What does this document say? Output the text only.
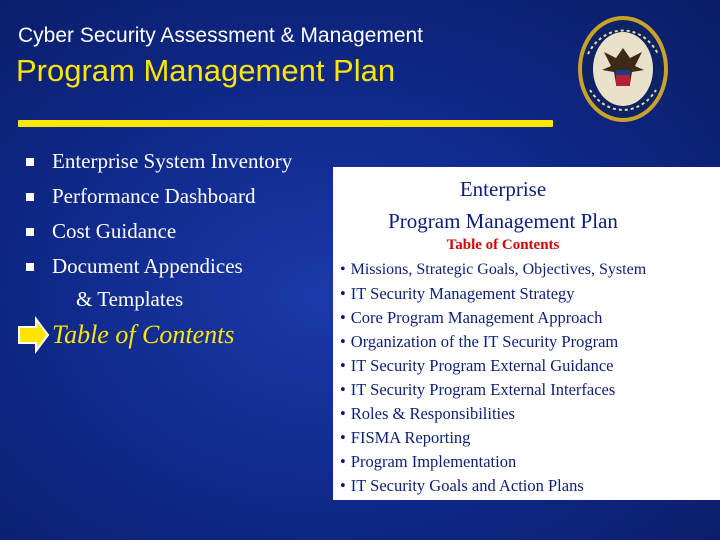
Cyber Security Assessment & Management
Program Management Plan
Enterprise System Inventory
Performance Dashboard
Cost Guidance
Document Appendices
& Templates
Table of Contents
Enterprise
Program Management Plan
Table of Contents
• Missions, Strategic Goals, Objectives, System
• IT Security Management Strategy
• Core Program Management Approach
• Organization of the IT Security Program
• IT Security Program External Guidance
• IT Security Program External Interfaces
• Roles & Responsibilities
• FISMA Reporting
• Program Implementation
• IT Security Goals and Action Plans
